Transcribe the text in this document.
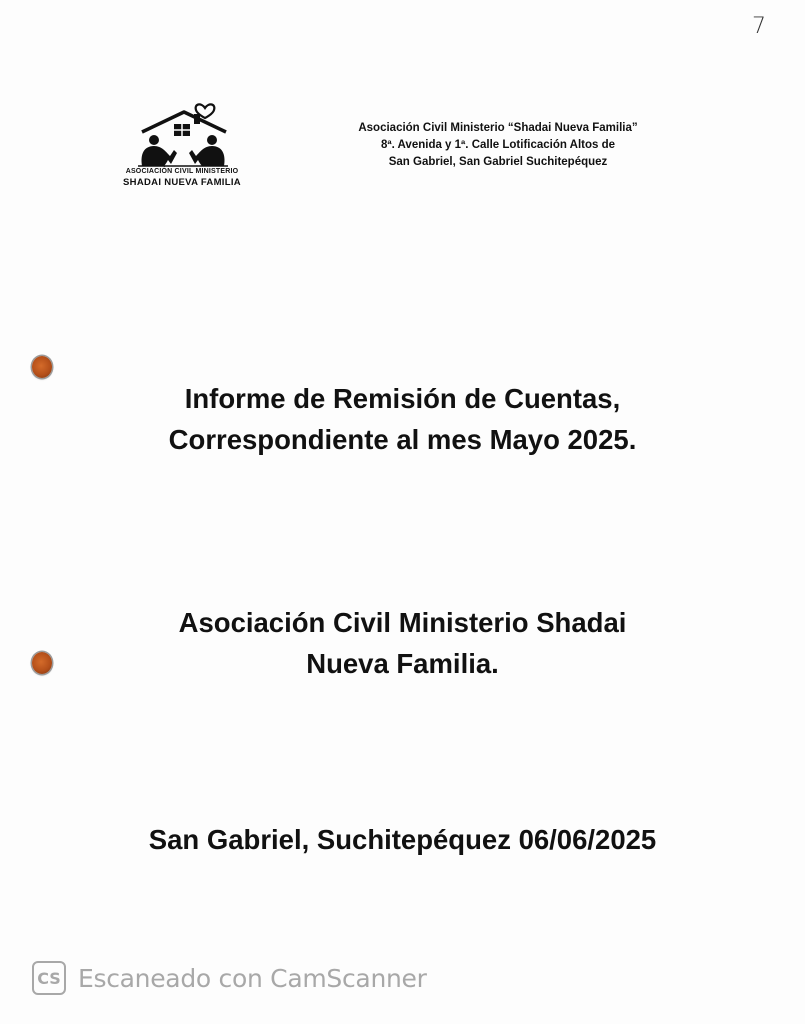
7
ASOCIACIÓN CIVIL MINISTERIO
SHADAI NUEVA FAMILIA
Asociación Civil Ministerio “Shadai Nueva Familia”
8ª. Avenida y 1ª. Calle Lotificación Altos de
San Gabriel, San Gabriel Suchitepéquez
Informe de Remisión de Cuentas,
Correspondiente al mes Mayo 2025.
Asociación Civil Ministerio Shadai
Nueva Familia.
San Gabriel, Suchitepéquez 06/06/2025
CS Escaneado con CamScanner
